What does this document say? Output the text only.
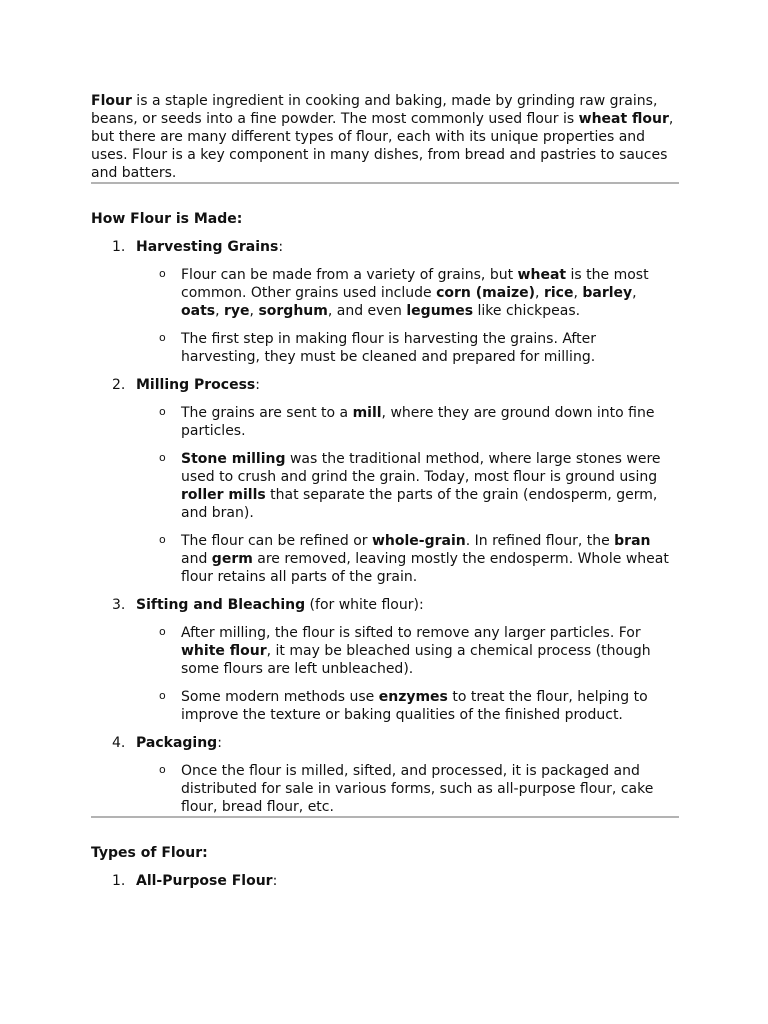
Flour is a staple ingredient in cooking and baking, made by grinding raw grains, beans, or seeds into a fine powder. The most commonly used flour is wheat flour, but there are many different types of flour, each with its unique properties and uses. Flour is a key component in many dishes, from bread and pastries to sauces and batters.

How Flour is Made:

1. Harvesting Grains:

o Flour can be made from a variety of grains, but wheat is the most common. Other grains used include corn (maize), rice, barley, oats, rye, sorghum, and even legumes like chickpeas.

o The first step in making flour is harvesting the grains. After harvesting, they must be cleaned and prepared for milling.

2. Milling Process:

o The grains are sent to a mill, where they are ground down into fine particles.

o Stone milling was the traditional method, where large stones were used to crush and grind the grain. Today, most flour is ground using roller mills that separate the parts of the grain (endosperm, germ, and bran).

o The flour can be refined or whole-grain. In refined flour, the bran and germ are removed, leaving mostly the endosperm. Whole wheat flour retains all parts of the grain.

3. Sifting and Bleaching (for white flour):

o After milling, the flour is sifted to remove any larger particles. For white flour, it may be bleached using a chemical process (though some flours are left unbleached).

o Some modern methods use enzymes to treat the flour, helping to improve the texture or baking qualities of the finished product.

4. Packaging:

o Once the flour is milled, sifted, and processed, it is packaged and distributed for sale in various forms, such as all-purpose flour, cake flour, bread flour, etc.

Types of Flour:

1. All-Purpose Flour:
